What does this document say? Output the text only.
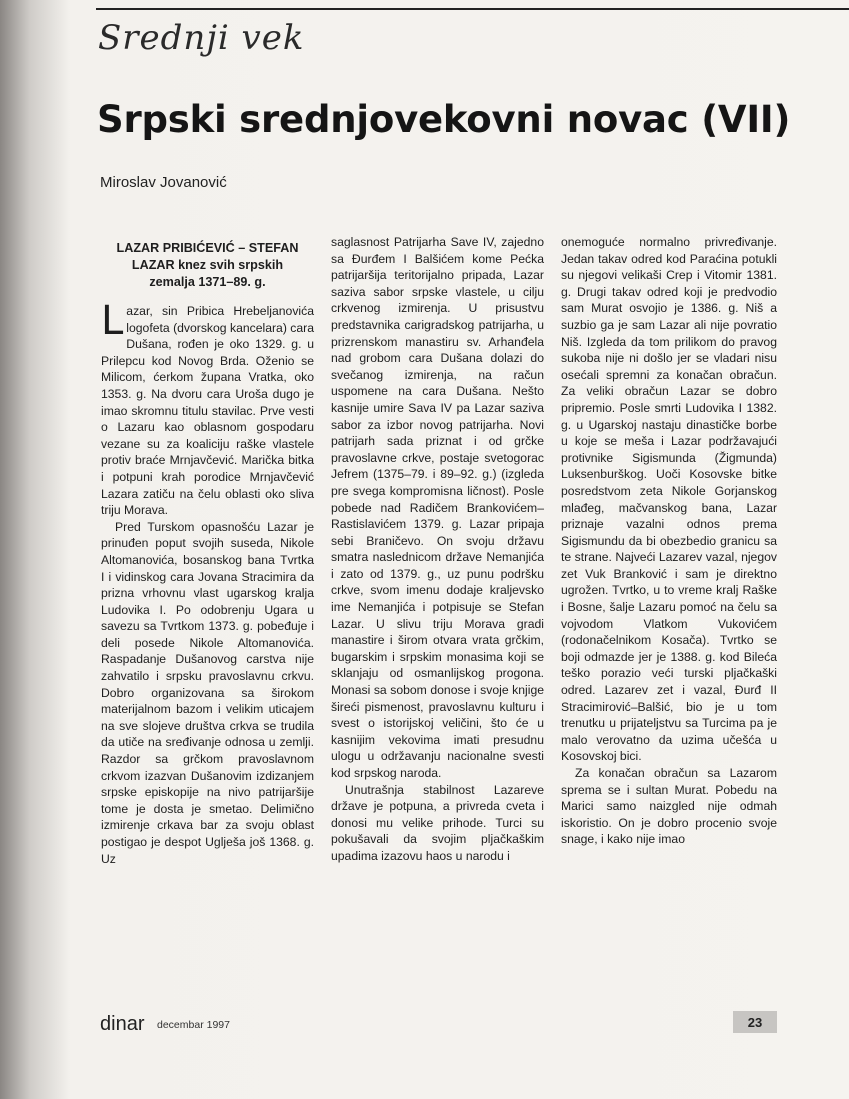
Srednji vek
Srpski srednjovekovni novac (VII)
Miroslav Jovanović
LAZAR PRIBIĆEVIĆ – STEFAN
LAZAR knez svih srpskih
zemalja 1371–89. g.

Lazar, sin Pribica Hrebeljanovića logofeta (dvorskog kancelara) cara Dušana, rođen je oko 1329. g. u Prilepcu kod Novog Brda. Oženio se Milicom, ćerkom župana Vratka, oko 1353. g. Na dvoru cara Uroša dugo je imao skromnu titulu stavilac. Prve vesti o Lazaru kao oblasnom gospodaru vezane su za koaliciju raške vlastele protiv braće Mrnjavčević. Marička bitka i potpuni krah porodice Mrnjavčević Lazara zatiču na čelu oblasti oko sliva triju Morava.

Pred Turskom opasnošću Lazar je prinuđen poput svojih suseda, Nikole Altomanovića, bosanskog bana Tvrtka I i vidinskog cara Jovana Stracimira da prizna vrhovnu vlast ugarskog kralja Ludovika I. Po odobrenju Ugara u savezu sa Tvrtkom 1373. g. pobeđuje i deli posede Nikole Altomanovića. Raspadanje Dušanovog carstva nije zahvatilo i srpsku pravoslavnu crkvu. Dobro organizovana sa širokom materijalnom bazom i velikim uticajem na sve slojeve društva crkva se trudila da utiče na sređivanje odnosa u zemlji. Razdor sa grčkom pravoslavnom crkvom izazvan Dušanovim izdizanjem srpske episkopije na nivo patrijaršije tome je dosta je smetao. Delimično izmirenje crkava bar za svoju oblast postigao je despot Uglješa još 1368. g. Uz

saglasnost Patrijarha Save IV, zajedno sa Đurđem I Balšićem kome Pećka patrijaršija teritorijalno pripada, Lazar saziva sabor srpske vlastele, u cilju crkvenog izmirenja. U prisustvu predstavnika carigradskog patrijarha, u prizrenskom manastiru sv. Arhanđela nad grobom cara Dušana dolazi do svečanog izmirenja, na račun uspomene na cara Dušana. Nešto kasnije umire Sava IV pa Lazar saziva sabor za izbor novog patrijarha. Novi patrijarh sada priznat i od grčke pravoslavne crkve, postaje svetogorac Jefrem (1375–79. i 89–92. g.) (izgleda pre svega kompromisna ličnost). Posle pobede nad Radičem Brankovićem–Rastislavićem 1379. g. Lazar pripaja sebi Braničevo. On svoju državu smatra naslednicom države Nemanjića i zato od 1379. g., uz punu podršku crkve, svom imenu dodaje kraljevsko ime Nemanjića i potpisuje se Stefan Lazar. U slivu triju Morava gradi manastire i širom otvara vrata grčkim, bugarskim i srpskim monasima koji se sklanjaju od osmanlijskog progona. Monasi sa sobom donose i svoje knjige šireći pismenost, pravoslavnu kulturu i svest o istorijskoj veličini, što će u kasnijim vekovima imati presudnu ulogu u održavanju nacionalne svesti kod srpskog naroda.

Unutrašnja stabilnost Lazareve države je potpuna, a privreda cveta i donosi mu velike prihode. Turci su pokušavali da svojim pljačkaškim upadima izazovu haos u narodu i

onemoguće normalno privređivanje. Jedan takav odred kod Paraćina potukli su njegovi velikaši Crep i Vitomir 1381. g. Drugi takav odred koji je predvodio sam Murat osvojio je 1386. g. Niš a suzbio ga je sam Lazar ali nije povratio Niš. Izgleda da tom prilikom do pravog sukoba nije ni došlo jer se vladari nisu osećali spremni za konačan obračun. Za veliki obračun Lazar se dobro pripremio. Posle smrti Ludovika I 1382. g. u Ugarskoj nastaju dinastičke borbe u koje se meša i Lazar podržavajući protivnike Sigismunda (Žigmunda) Luksenburškog. Uoči Kosovske bitke posredstvom zeta Nikole Gorjanskog mlađeg, mačvanskog bana, Lazar priznaje vazalni odnos prema Sigismundu da bi obezbedio granicu sa te strane. Najveći Lazarev vazal, njegov zet Vuk Branković i sam je direktno ugrožen. Tvrtko, u to vreme kralj Raške i Bosne, šalje Lazaru pomoć na čelu sa vojvodom Vlatkom Vukovićem (rodonačelnikom Kosača). Tvrtko se boji odmazde jer je 1388. g. kod Bileća teško porazio veći turski pljačkaški odred. Lazarev zet i vazal, Đurđ II Stracimirović–Balšić, bio je u tom trenutku u prijateljstvu sa Turcima pa je malo verovatno da uzima učešća u Kosovskoj bici.

Za konačan obračun sa Lazarom sprema se i sultan Murat. Pobedu na Marici samo naizgled nije odmah iskoristio. On je dobro procenio svoje snage, i kako nije imao

dinar decembar 1997	23
